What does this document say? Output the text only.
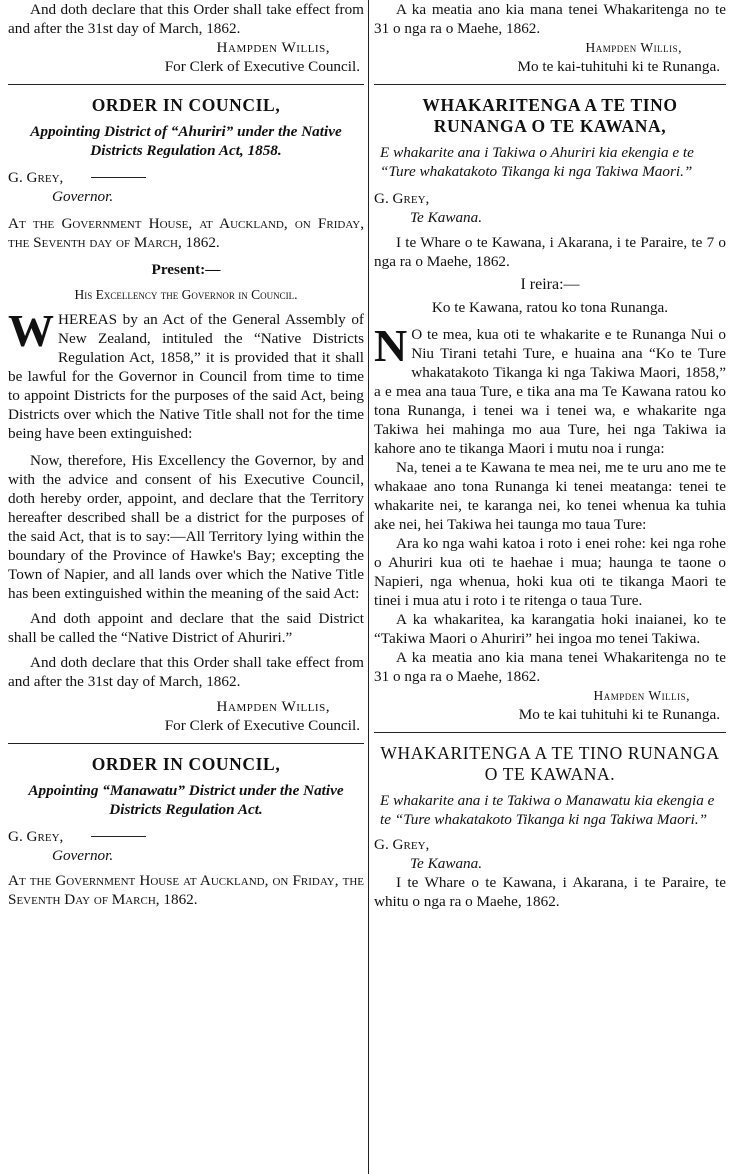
And doth declare that this Order shall take effect from and after the 31st day of March, 1862.

Hampden Willis,

For Clerk of Executive Council.

ORDER IN COUNCIL,
Appointing District of “Ahuriri” under the Native Districts Regulation Act, 1858.
G. Grey,

Governor.

At the Government House, at Auckland, on Friday, the Seventh day of March, 1862.

Present:—

His Excellency the Governor in Council.

WHEREAS by an Act of the General Assembly of New Zealand, intituled the “Native Districts Regulation Act, 1858,” it is provided that it shall be lawful for the Governor in Council from time to time to appoint Districts for the purposes of the said Act, being Districts over which the Native Title shall not for the time being have been extinguished:

Now, therefore, His Excellency the Governor, by and with the advice and consent of his Executive Council, doth hereby order, appoint, and declare that the Territory hereafter described shall be a district for the purposes of the said Act, that is to say:—All Territory lying within the boundary of the Province of Hawke's Bay; excepting the Town of Napier, and all lands over which the Native Title has been extinguished within the meaning of the said Act:

And doth appoint and declare that the said District shall be called the “Native District of Ahuriri.”

And doth declare that this Order shall take effect from and after the 31st day of March, 1862.

Hampden Willis,

For Clerk of Executive Council.

ORDER IN COUNCIL,
Appointing “Manawatu” District under the Native Districts Regulation Act.
G. Grey,

Governor.

At the Government House at Auckland, on Friday, the Seventh Day of March, 1862.

A ka meatia ano kia mana tenei Whakaritenga no te 31 o nga ra o Maehe, 1862.

Hampden Willis,

Mo te kai-tuhituhi ki te Runanga.

WHAKARITENGA A TE TINO RUNANGA O TE KAWANA,
E whakarite ana i Takiwa o Ahuriri kia ekengia e te “Ture whakatakoto Tikanga ki nga Takiwa Maori.”

G. Grey,

Te Kawana.

I te Whare o te Kawana, i Akarana, i te Paraire, te 7 o nga ra o Maehe, 1862.

I reira:—

Ko te Kawana, ratou ko tona Runanga.

N O te mea, kua oti te whakarite e te Runanga Nui o Niu Tirani tetahi Ture, e huaina ana “Ko te Ture whakatakoto Tikanga ki nga Takiwa Maori, 1858,” a e mea ana taua Ture, e tika ana ma Te Kawana ratou ko tona Runanga, i tenei wa i tenei wa, e whakarite nga Takiwa hei mahinga mo aua Ture, hei nga Takiwa ia kahore ano te tikanga Maori i mutu noa i runga:

Na, tenei a te Kawana te mea nei, me te uru ano me te whakaae ano tona Runanga ki tenei meatanga: tenei te whakarite nei, te karanga nei, ko tenei whenua ka tuhia ake nei, hei Takiwa hei taunga mo taua Ture:

Ara ko nga wahi katoa i roto i enei rohe: kei nga rohe o Ahuriri kua oti te haehae i mua; haunga te taone o Napieri, nga whenua, hoki kua oti te tikanga Maori te tinei i mua atu i roto i te ritenga o taua Ture.

A ka whakaritea, ka karangatia hoki inaianei, ko te “Takiwa Maori o Ahuriri” hei ingoa mo tenei Takiwa.

A ka meatia ano kia mana tenei Whakaritenga no te 31 o nga ra o Maehe, 1862.

Hampden Willis,

Mo te kai tuhituhi ki te Runanga.

WHAKARITENGA A TE TINO RUNANGA O TE KAWANA.
E whakarite ana i te Takiwa o Manawatu kia ekengia e te “Ture whakatakoto Tikanga ki nga Takiwa Maori.”

G. Grey,

Te Kawana.

I te Whare o te Kawana, i Akarana, i te Paraire, te whitu o nga ra o Maehe, 1862.
